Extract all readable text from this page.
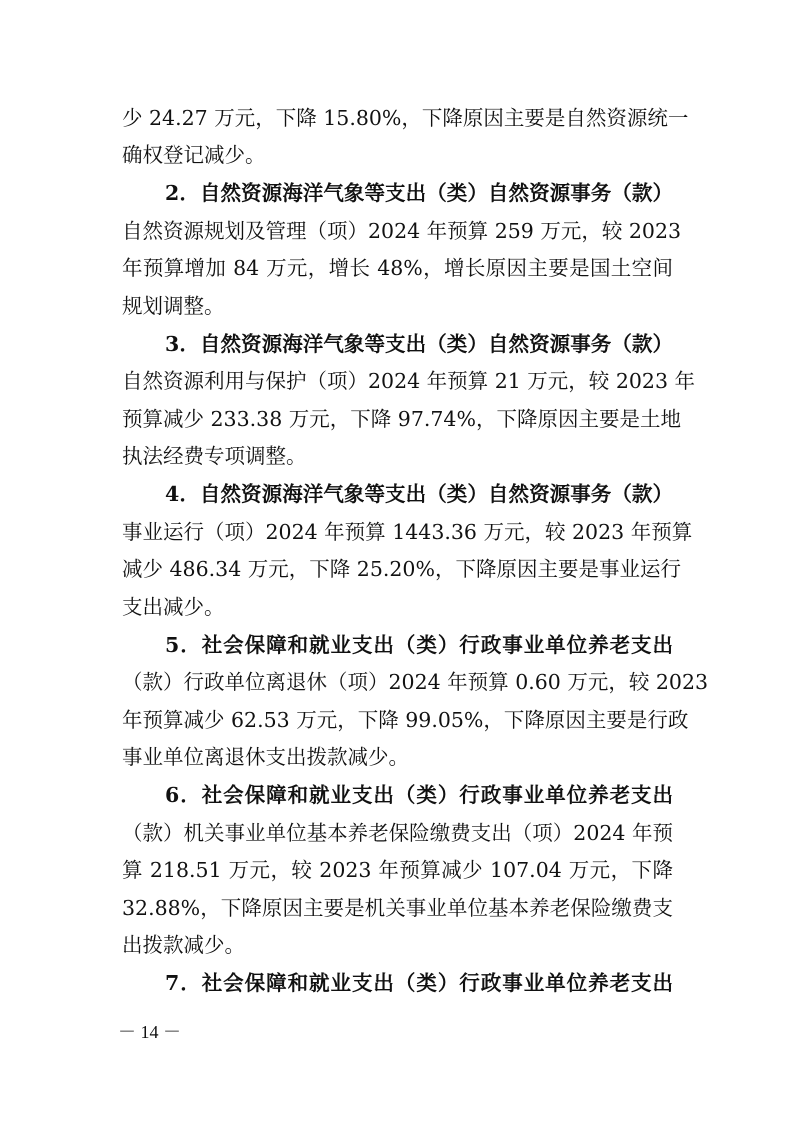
少 24.27 万元，下降 15.80%，下降原因主要是自然资源统一
确权登记减少。
2．自然资源海洋气象等支出（类）自然资源事务（款）
自然资源规划及管理（项）2024 年预算 259 万元，较 2023
年预算增加 84 万元，增长 48%，增长原因主要是国土空间
规划调整。
3．自然资源海洋气象等支出（类）自然资源事务（款）
自然资源利用与保护（项）2024 年预算 21 万元，较 2023 年
预算减少 233.38 万元，下降 97.74%，下降原因主要是土地
执法经费专项调整。
4．自然资源海洋气象等支出（类）自然资源事务（款）
事业运行（项）2024 年预算 1443.36 万元，较 2023 年预算
减少 486.34 万元，下降 25.20%，下降原因主要是事业运行
支出减少。
5．社会保障和就业支出（类）行政事业单位养老支出
（款）行政单位离退休（项）2024 年预算 0.60 万元，较 2023
年预算减少 62.53 万元，下降 99.05%，下降原因主要是行政
事业单位离退休支出拨款减少。
6．社会保障和就业支出（类）行政事业单位养老支出
（款）机关事业单位基本养老保险缴费支出（项）2024 年预
算 218.51 万元，较 2023 年预算减少 107.04 万元，下降
32.88%，下降原因主要是机关事业单位基本养老保险缴费支
出拨款减少。
7．社会保障和就业支出（类）行政事业单位养老支出
－ 14 －
